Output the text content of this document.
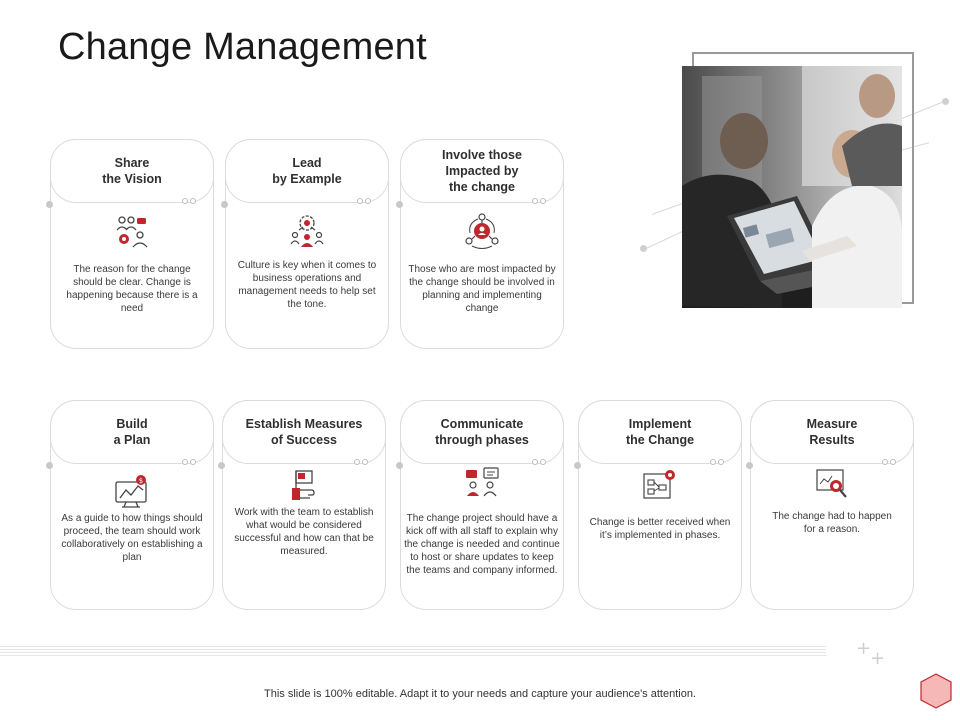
Change Management
Share
the Vision
The reason for the change should be clear. Change is happening because there is a need
Lead
by Example
Culture is key when it comes to business operations and management needs to help set the tone.
Involve those
Impacted by
the change
Those who are most impacted by the change should be involved in planning and implementing change
Build
a Plan
$
As a guide to how things should proceed, the team should work collaboratively on establishing a plan
Establish Measures
of Success
Work with the team to establish what would be considered successful and how can that be measured.
Communicate
through phases
The change project should have a kick off with all staff to explain why the change is needed and continue to host or share updates to keep the teams and company informed.
Implement
the Change
Change is better received when it’s implemented in phases.
Measure
Results
The change had to happen for a reason.
+
+
This slide is 100% editable. Adapt it to your needs and capture your audience's attention.
